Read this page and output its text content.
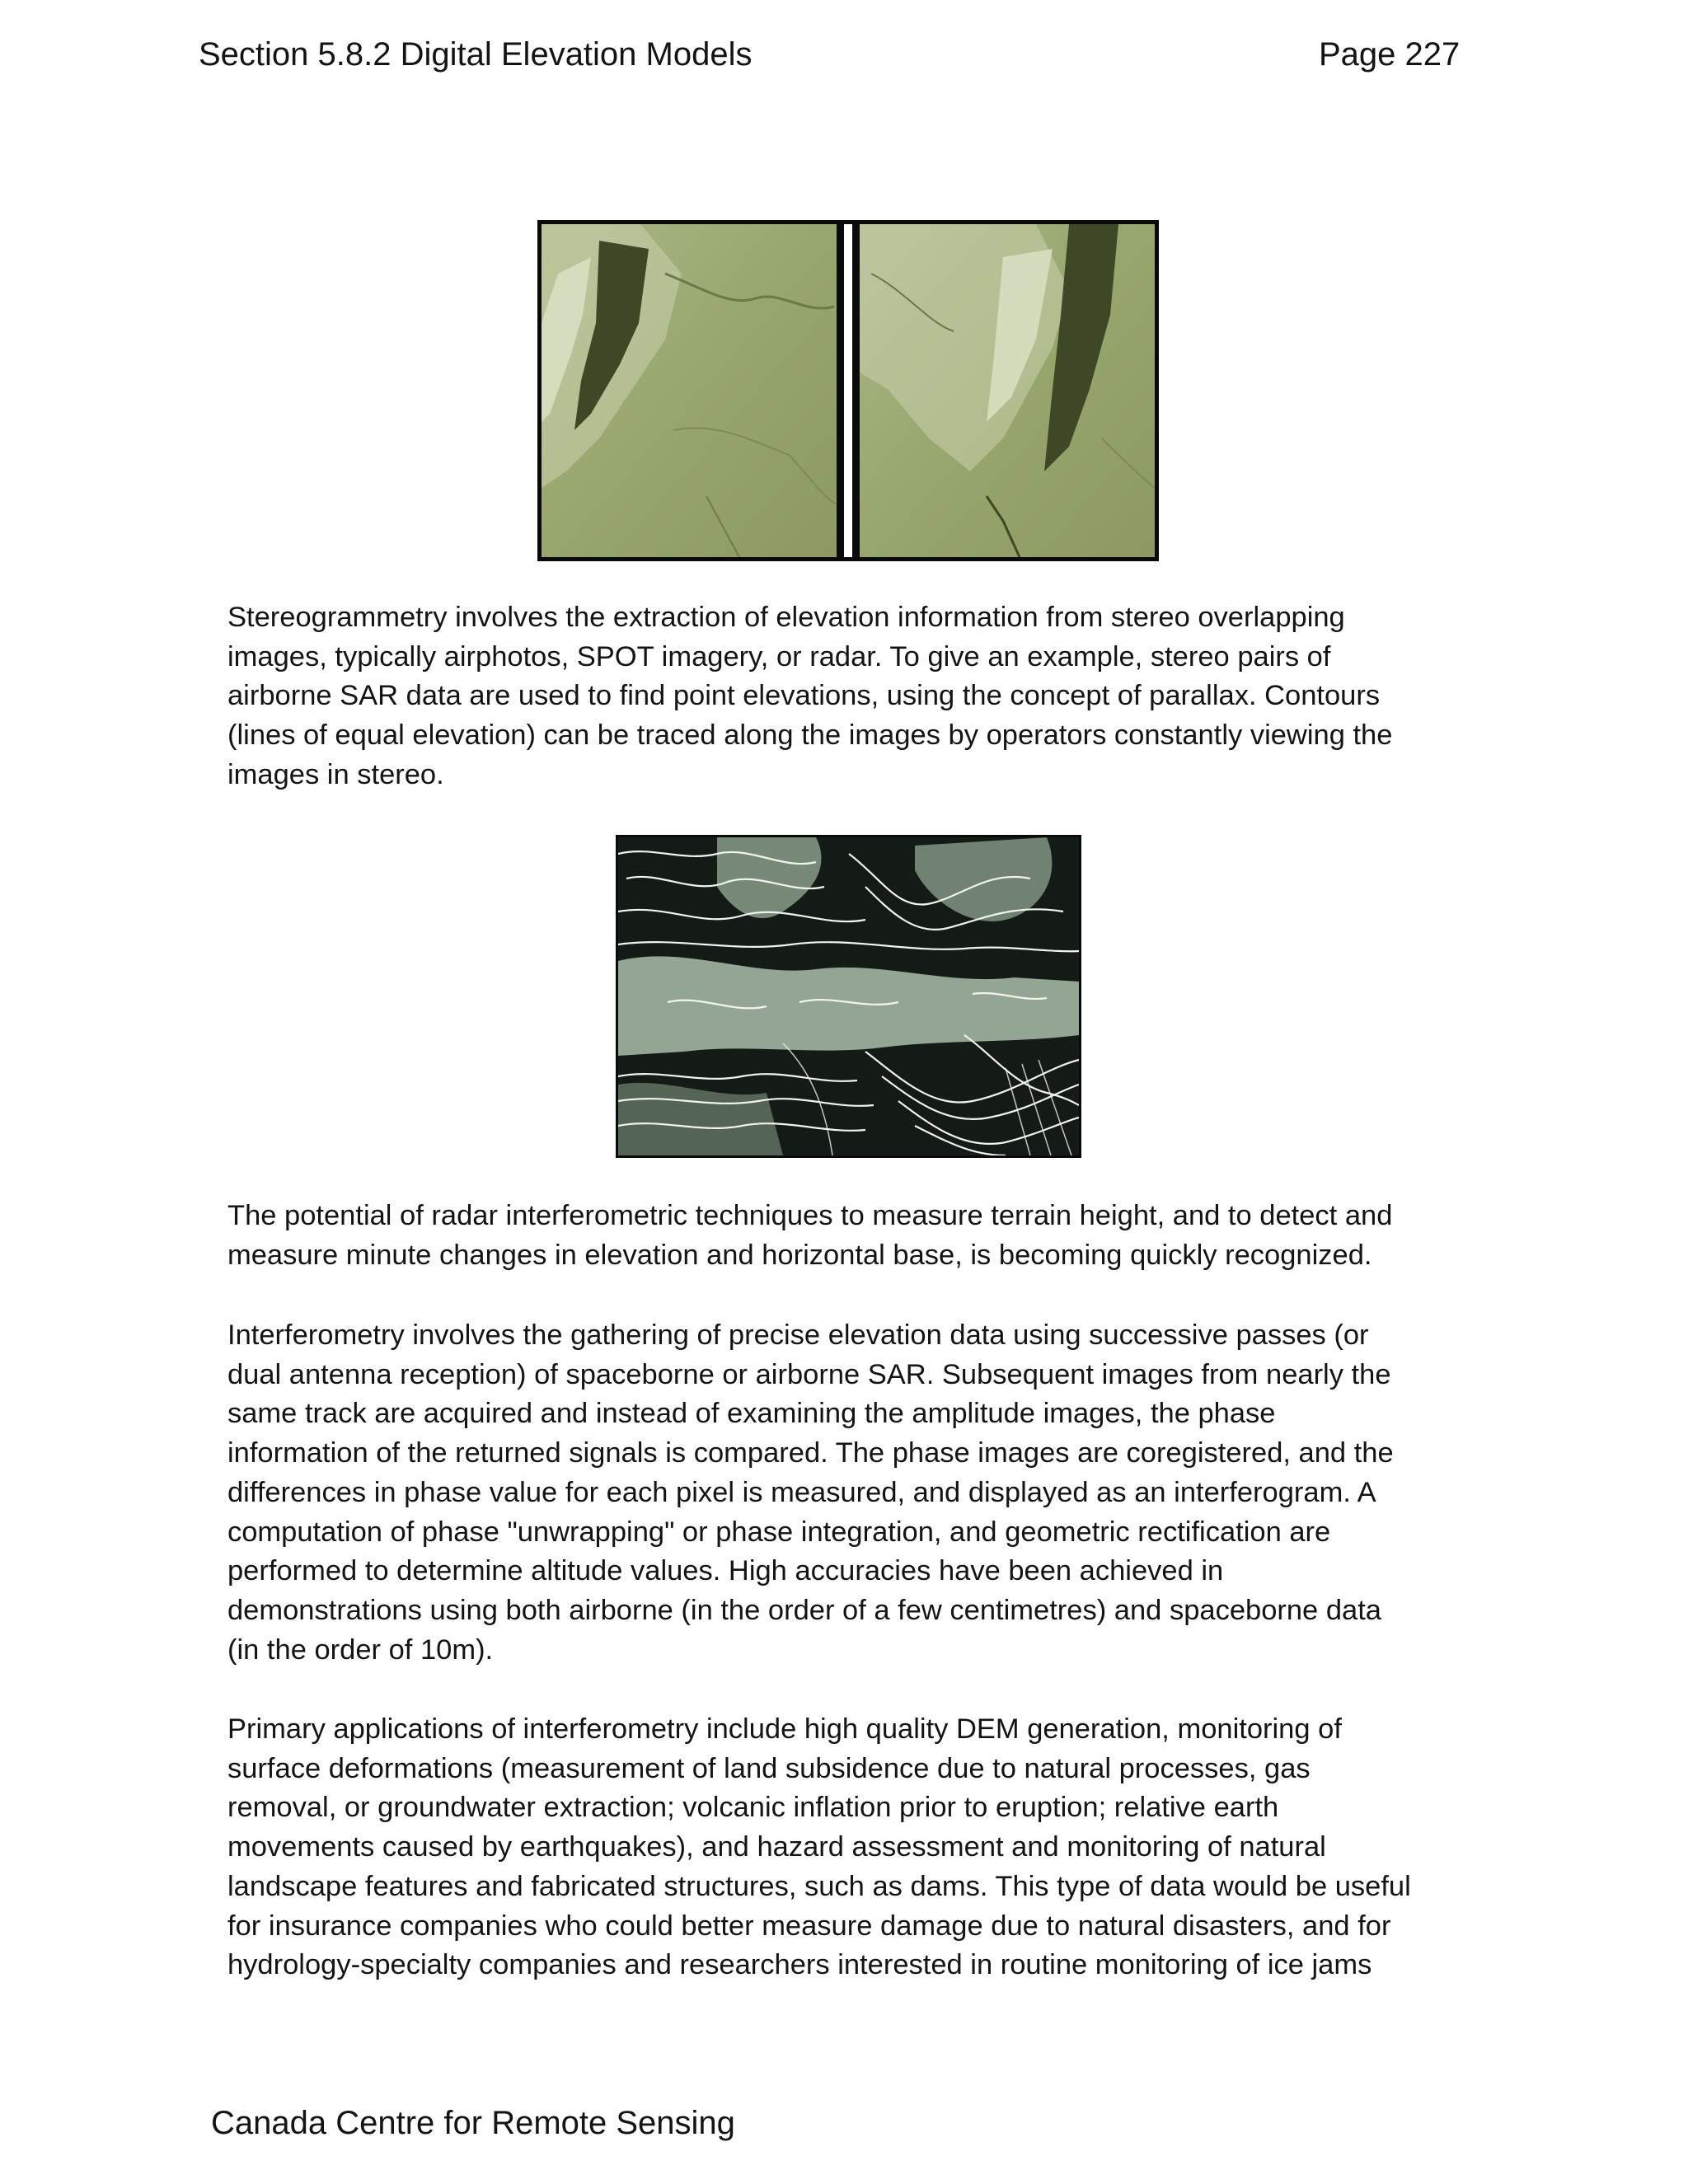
Section 5.8.2 Digital Elevation Models	Page 227

Stereogrammetry involves the extraction of elevation information from stereo overlapping
images, typically airphotos, SPOT imagery, or radar. To give an example, stereo pairs of
airborne SAR data are used to find point elevations, using the concept of parallax. Contours
(lines of equal elevation) can be traced along the images by operators constantly viewing the
images in stereo.

The potential of radar interferometric techniques to measure terrain height, and to detect and
measure minute changes in elevation and horizontal base, is becoming quickly recognized.

Interferometry involves the gathering of precise elevation data using successive passes (or
dual antenna reception) of spaceborne or airborne SAR. Subsequent images from nearly the
same track are acquired and instead of examining the amplitude images, the phase
information of the returned signals is compared. The phase images are coregistered, and the
differences in phase value for each pixel is measured, and displayed as an interferogram. A
computation of phase "unwrapping" or phase integration, and geometric rectification are
performed to determine altitude values. High accuracies have been achieved in
demonstrations using both airborne (in the order of a few centimetres) and spaceborne data
(in the order of 10m).

Primary applications of interferometry include high quality DEM generation, monitoring of
surface deformations (measurement of land subsidence due to natural processes, gas
removal, or groundwater extraction; volcanic inflation prior to eruption; relative earth
movements caused by earthquakes), and hazard assessment and monitoring of natural
landscape features and fabricated structures, such as dams. This type of data would be useful
for insurance companies who could better measure damage due to natural disasters, and for
hydrology-specialty companies and researchers interested in routine monitoring of ice jams

Canada Centre for Remote Sensing
